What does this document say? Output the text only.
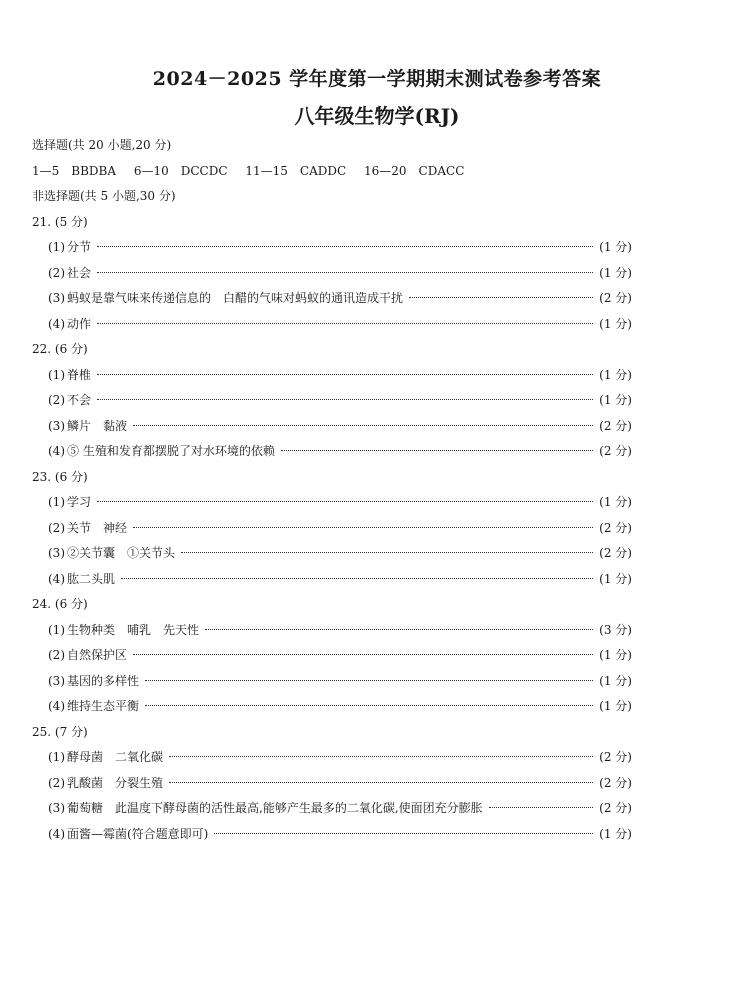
2024－2025 学年度第一学期期末测试卷参考答案
八年级生物学(RJ)
选择题(共 20 小题,20 分)
1—5　BBDBA 6—10　DCCDC 11—15　CADDC 16—20　CDACC
非选择题(共 5 小题,30 分)
21. (5 分)
(1) 分节	(1 分)
(2) 社会	(1 分)
(3) 蚂蚁是靠气味来传递信息的　白醋的气味对蚂蚁的通讯造成干扰	(2 分)
(4) 动作	(1 分)
22. (6 分)
(1) 脊椎	(1 分)
(2) 不会	(1 分)
(3) 鳞片　黏液	(2 分)
(4) ⑤ 生殖和发育都摆脱了对水环境的依赖	(2 分)
23. (6 分)
(1) 学习	(1 分)
(2) 关节　神经	(2 分)
(3) ②关节囊　①关节头	(2 分)
(4) 肱二头肌	(1 分)
24. (6 分)
(1) 生物种类　哺乳　先天性	(3 分)
(2) 自然保护区	(1 分)
(3) 基因的多样性	(1 分)
(4) 维持生态平衡	(1 分)
25. (7 分)
(1) 酵母菌　二氧化碳	(2 分)
(2) 乳酸菌　分裂生殖	(2 分)
(3) 葡萄糖　此温度下酵母菌的活性最高,能够产生最多的二氧化碳,使面团充分膨胀	(2 分)
(4) 面酱—霉菌(符合题意即可)	(1 分)
